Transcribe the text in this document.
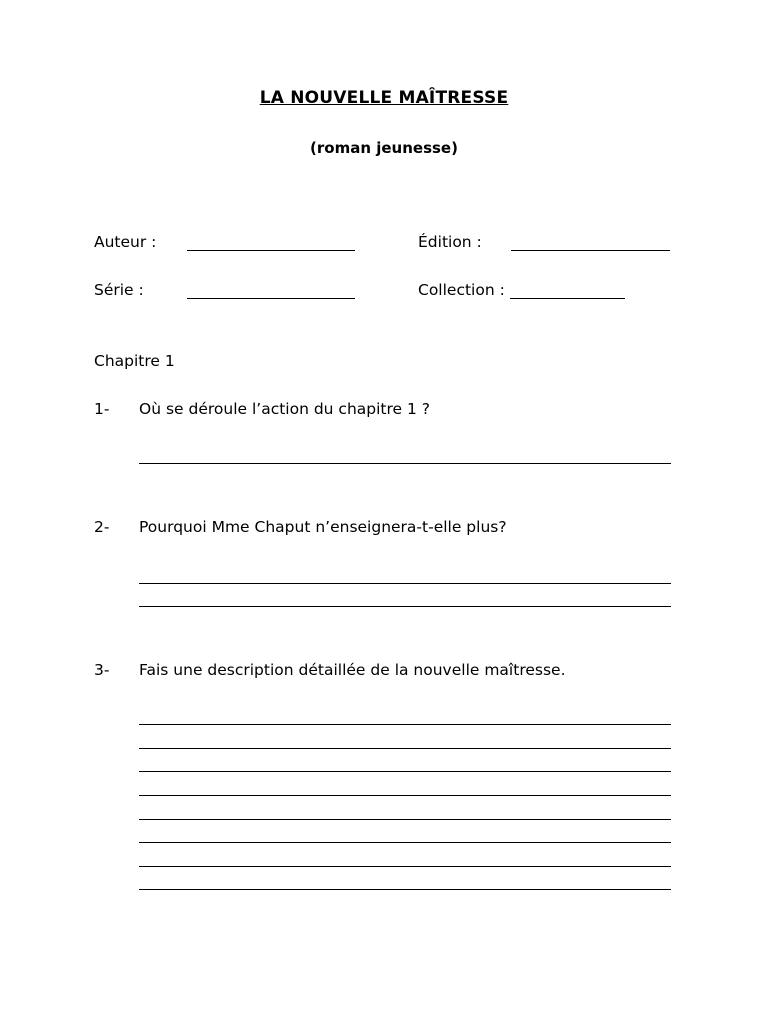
LA NOUVELLE MAÎTRESSE
(roman jeunesse)
Auteur :	Édition :
Série :	Collection :
Chapitre 1
1- Où se déroule l’action du chapitre 1 ?
2- Pourquoi Mme Chaput n’enseignera-t-elle plus?
3- Fais une description détaillée de la nouvelle maîtresse.
